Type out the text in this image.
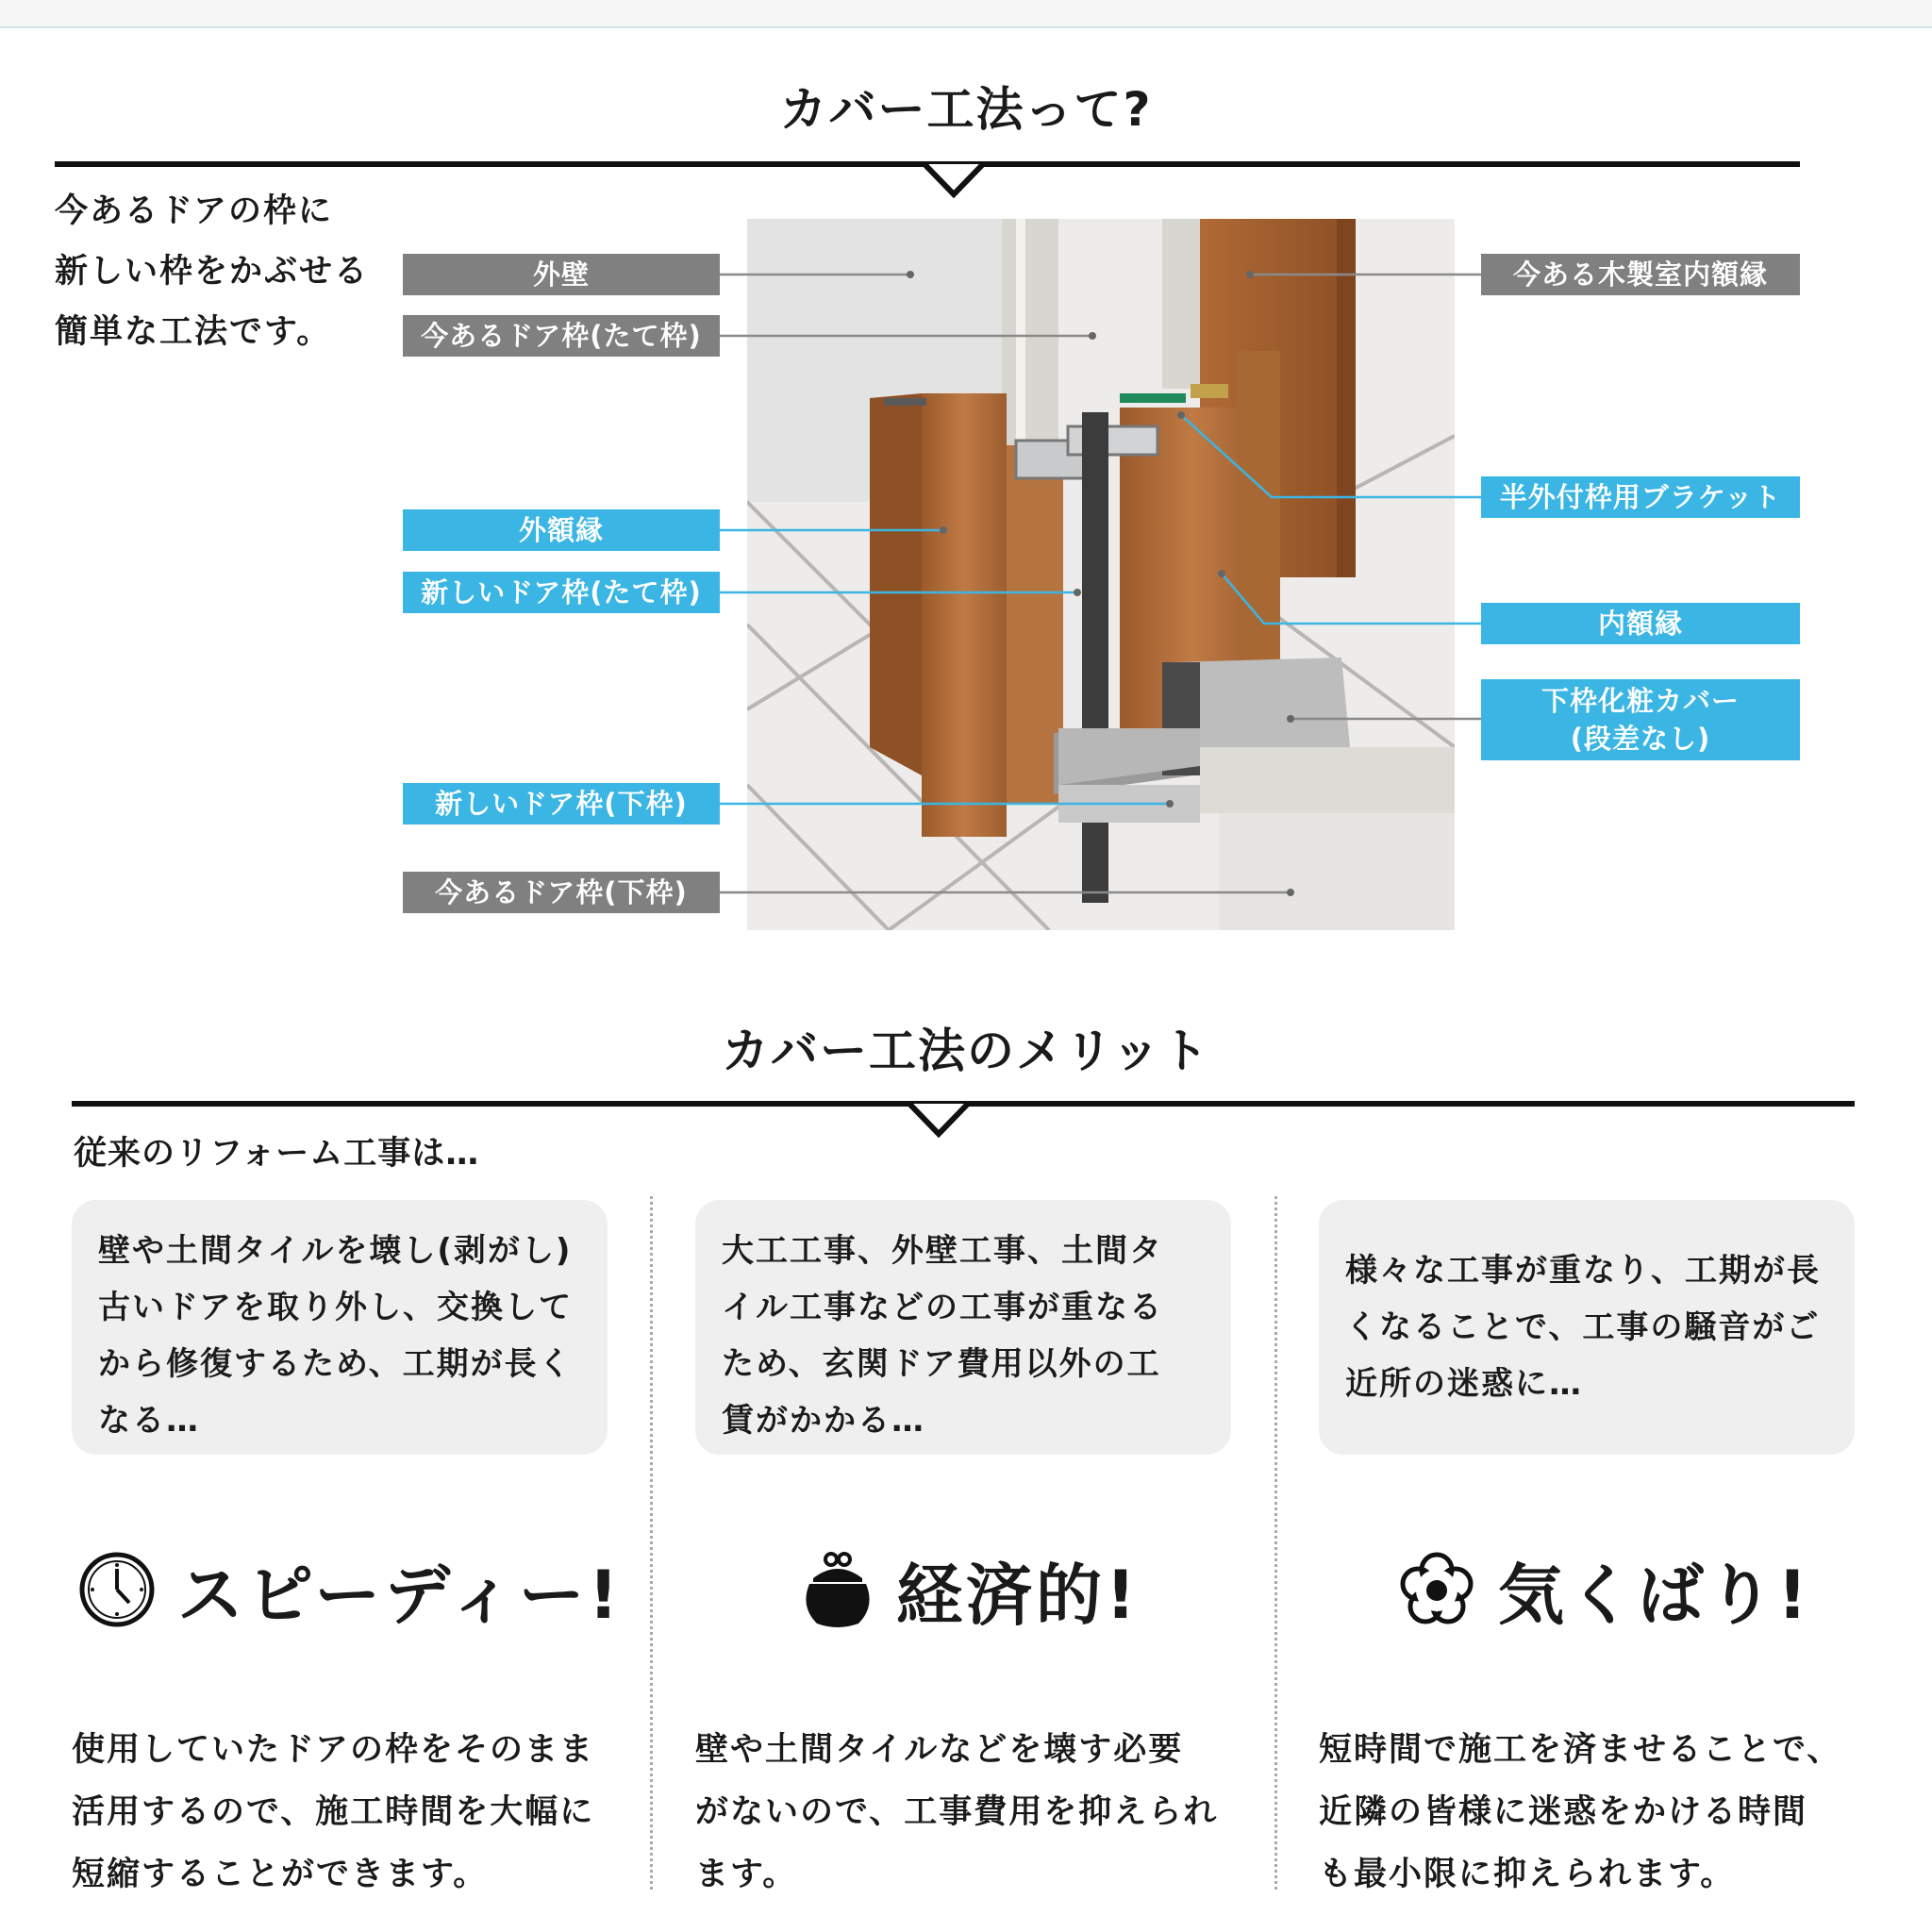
カバー工法って?
今あるドアの枠に
新しい枠をかぶせる
簡単な工法です。
外壁
今あるドア枠(たて枠)
外額縁
新しいドア枠(たて枠)
新しいドア枠(下枠)
今あるドア枠(下枠)
今ある木製室内額縁
半外付枠用ブラケット
内額縁
下枠化粧カバー
(段差なし)
カバー工法のメリット
従来のリフォーム工事は…
壁や土間タイルを壊し(剥がし)
古いドアを取り外し、交換して
から修復するため、工期が長く
なる…
大工工事、外壁工事、土間タ
イル工事などの工事が重なる
ため、玄関ドア費用以外の工
賃がかかる…
様々な工事が重なり、工期が長
くなることで、工事の騒音がご
近所の迷惑に…
スピーディー!	経済的!	気くばり!
使用していたドアの枠をそのまま
活用するので、施工時間を大幅に
短縮することができます。
壁や土間タイルなどを壊す必要
がないので、工事費用を抑えられ
ます。
短時間で施工を済ませることで、
近隣の皆様に迷惑をかける時間
も最小限に抑えられます。
